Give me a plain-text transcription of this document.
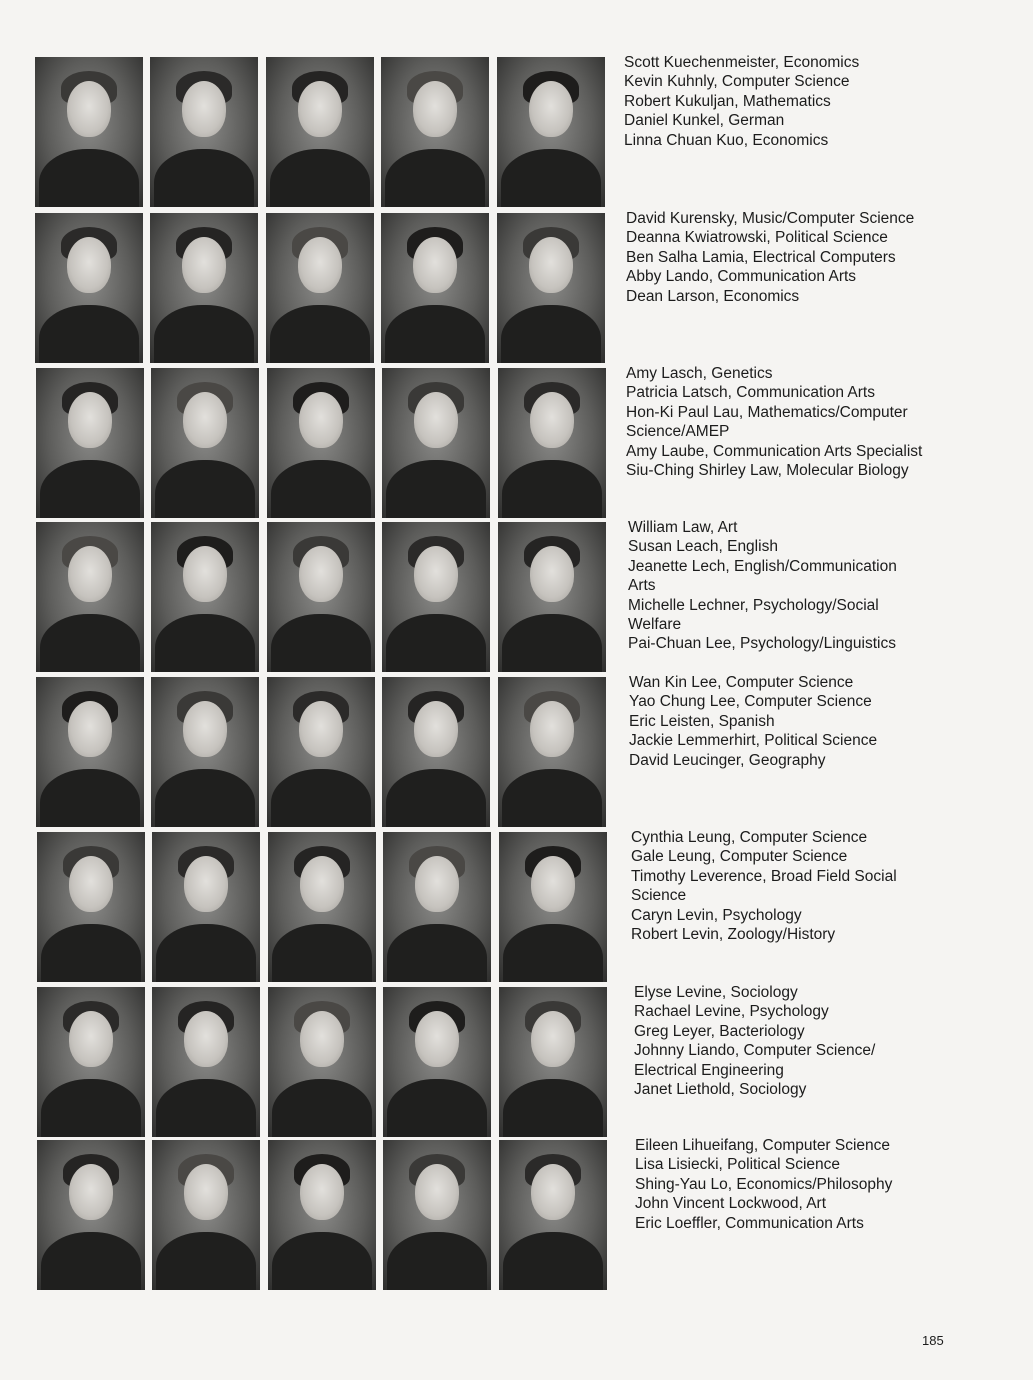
Scott Kuechenmeister, Economics
Kevin Kuhnly, Computer Science
Robert Kukuljan, Mathematics
Daniel Kunkel, German
Linna Chuan Kuo, Economics
David Kurensky, Music/Computer Science
Deanna Kwiatrowski, Political Science
Ben Salha Lamia, Electrical Computers
Abby Lando, Communication Arts
Dean Larson, Economics
Amy Lasch, Genetics
Patricia Latsch, Communication Arts
Hon-Ki Paul Lau, Mathematics/Computer
Science/AMEP
Amy Laube, Communication Arts Specialist
Siu-Ching Shirley Law, Molecular Biology
William Law, Art
Susan Leach, English
Jeanette Lech, English/Communication
Arts
Michelle Lechner, Psychology/Social
Welfare
Pai-Chuan Lee, Psychology/Linguistics
Wan Kin Lee, Computer Science
Yao Chung Lee, Computer Science
Eric Leisten, Spanish
Jackie Lemmerhirt, Political Science
David Leucinger, Geography
Cynthia Leung, Computer Science
Gale Leung, Computer Science
Timothy Leverence, Broad Field Social
Science
Caryn Levin, Psychology
Robert Levin, Zoology/History
Elyse Levine, Sociology
Rachael Levine, Psychology
Greg Leyer, Bacteriology
Johnny Liando, Computer Science/
Electrical Engineering
Janet Liethold, Sociology
Eileen Lihueifang, Computer Science
Lisa Lisiecki, Political Science
Shing-Yau Lo, Economics/Philosophy
John Vincent Lockwood, Art
Eric Loeffler, Communication Arts
185
